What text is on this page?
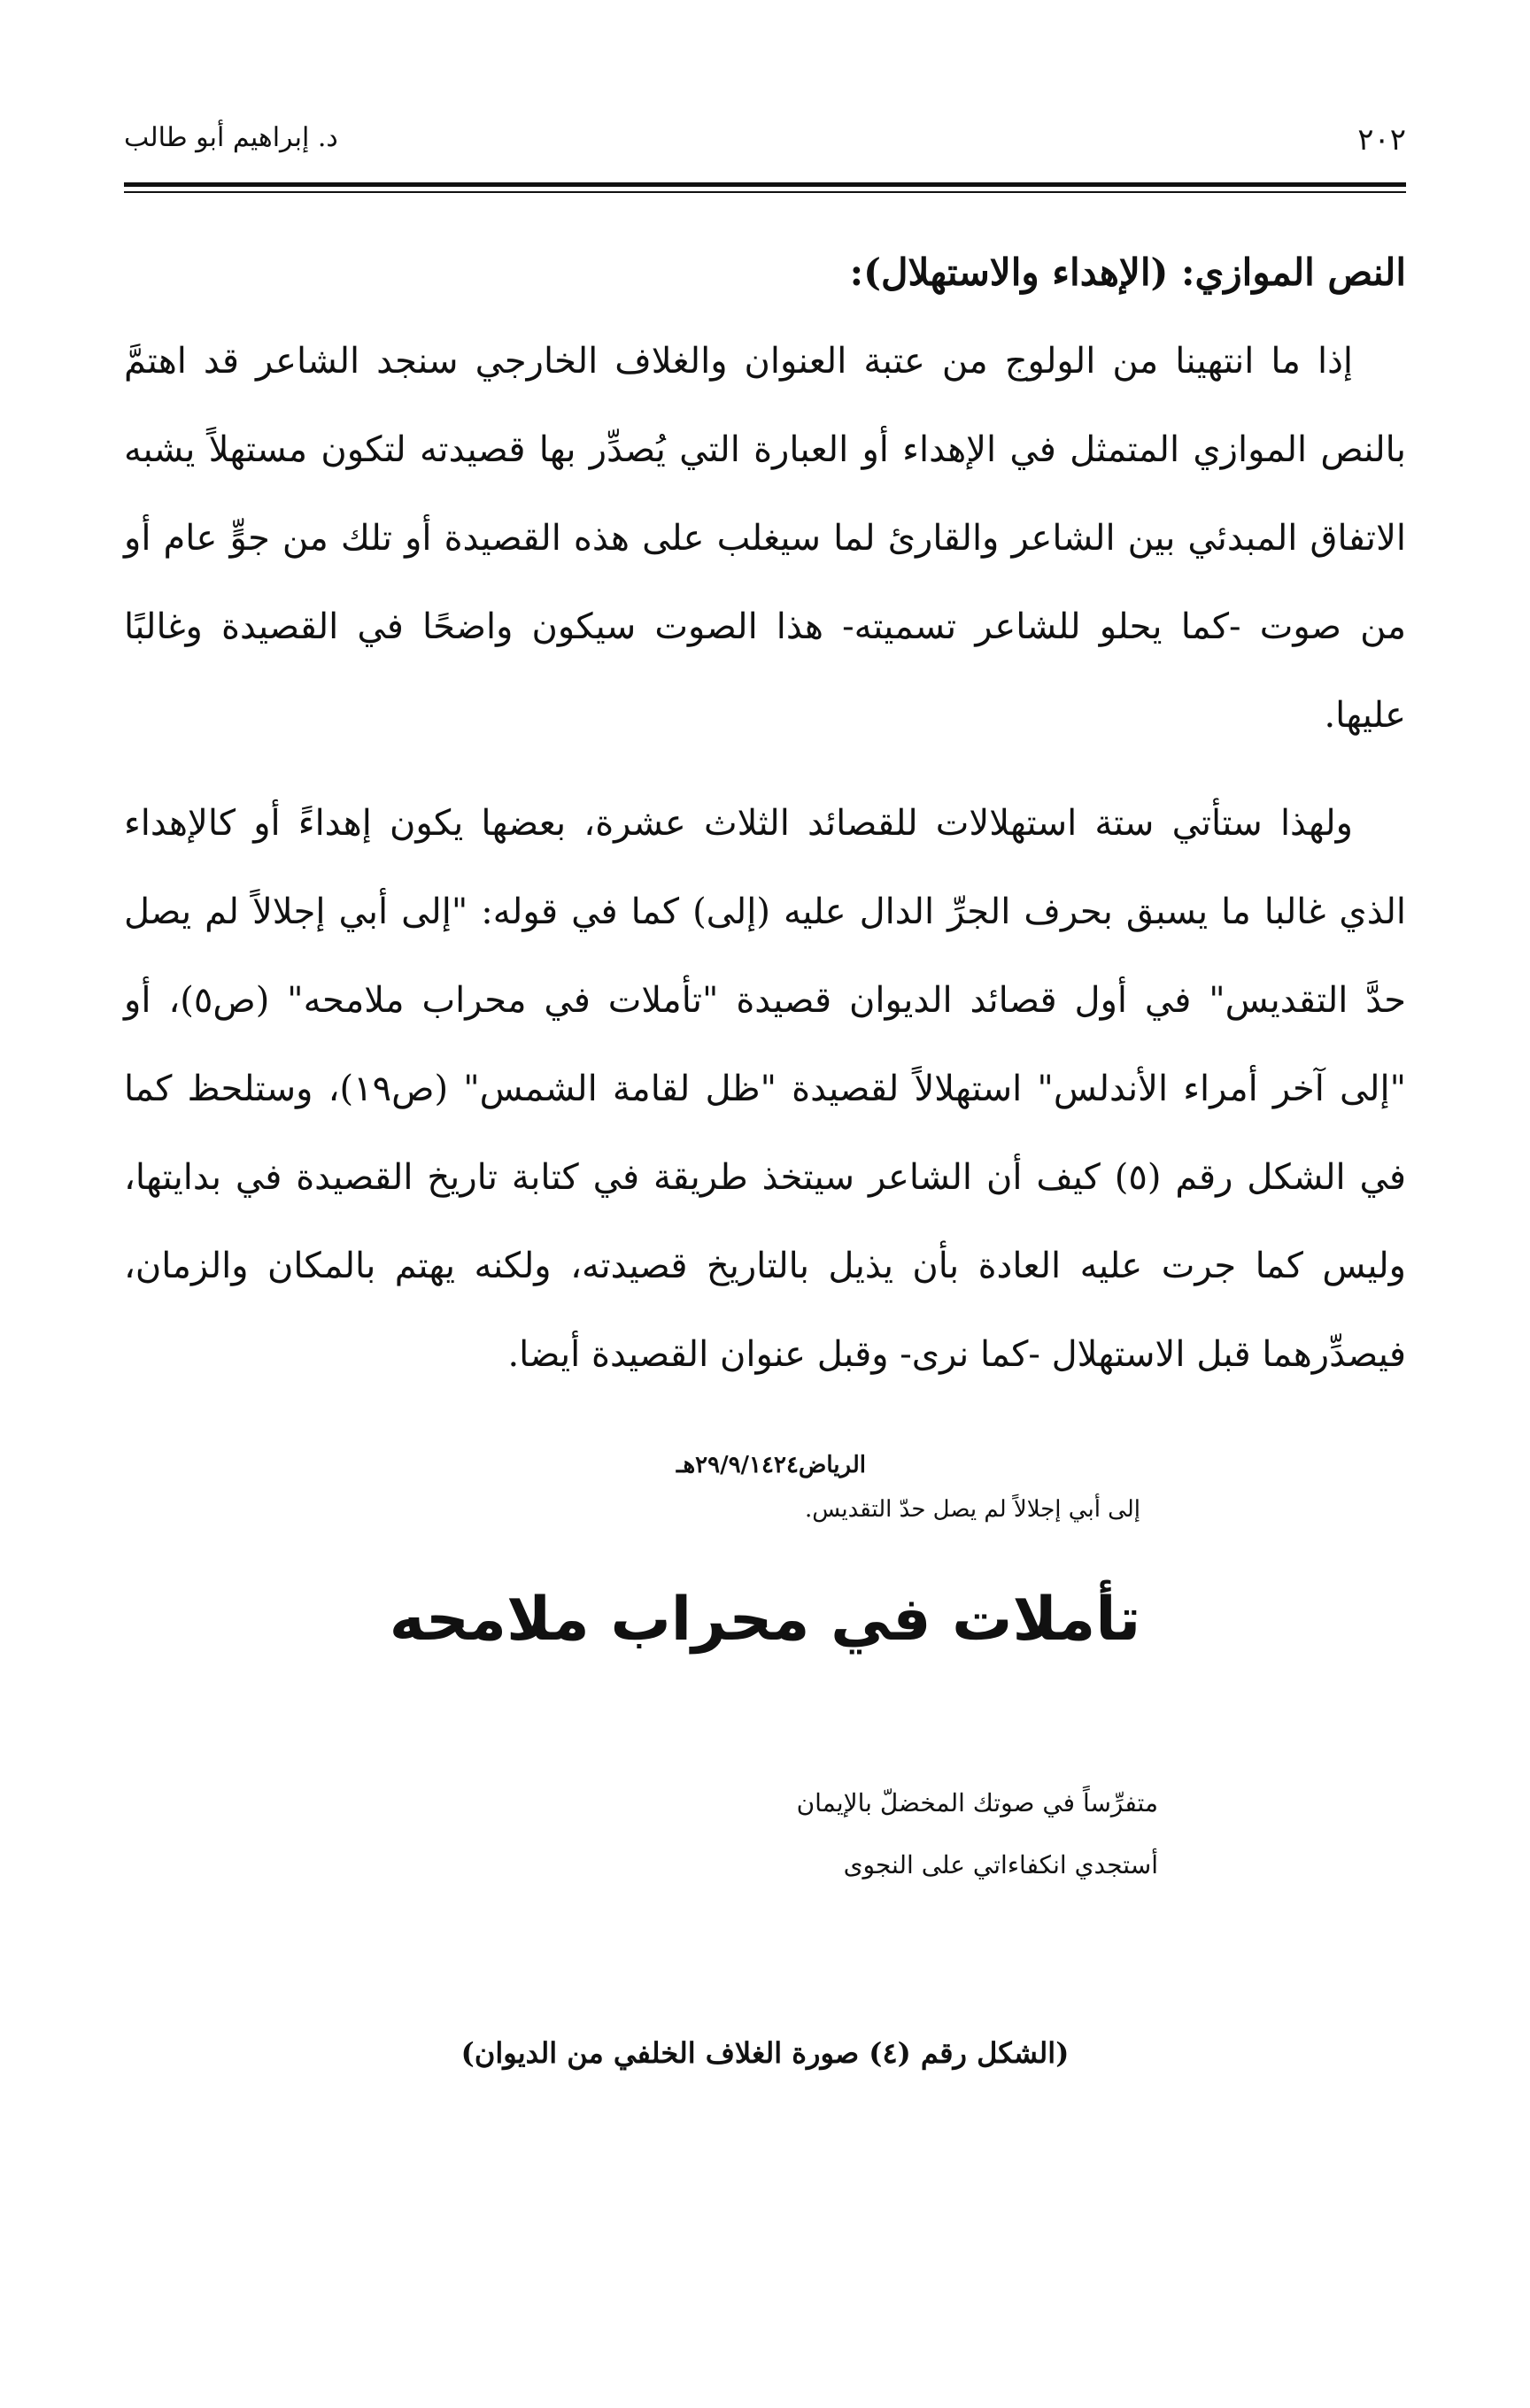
٢٠٢
د. إبراهيم أبو طالب
النص الموازي: (الإهداء والاستهلال):

إذا ما انتهينا من الولوج من عتبة العنوان والغلاف الخارجي سنجد الشاعر قد اهتمَّ بالنص الموازي المتمثل في الإهداء أو العبارة التي يُصدِّر بها قصيدته لتكون مستهلاً يشبه الاتفاق المبدئي بين الشاعر والقارئ لما سيغلب على هذه القصيدة أو تلك من جوٍّ عام أو من صوت -كما يحلو للشاعر تسميته- هذا الصوت سيكون واضحًا في القصيدة وغالبًا عليها.

ولهذا ستأتي ستة استهلالات للقصائد الثلاث عشرة، بعضها يكون إهداءً أو كالإهداء الذي غالبا ما يسبق بحرف الجرِّ الدال عليه (إلى) كما في قوله: "إلى أبي إجلالاً لم يصل حدَّ التقديس" في أول قصائد الديوان قصيدة "تأملات في محراب ملامحه" (ص٥)، أو "إلى آخر أمراء الأندلس" استهلالاً لقصيدة "ظل لقامة الشمس" (ص١٩)، وستلحظ كما في الشكل رقم (٥) كيف أن الشاعر سيتخذ طريقة في كتابة تاريخ القصيدة في بدايتها، وليس كما جرت عليه العادة بأن يذيل بالتاريخ قصيدته، ولكنه يهتم بالمكان والزمان، فيصدِّرهما قبل الاستهلال -كما نرى- وقبل عنوان القصيدة أيضا.

الرياض٢٩/٩/١٤٢٤هـ
إلى أبي إجلالاً لم يصل حدّ التقديس.
تأملات في محراب ملامحه
متفرِّساً في صوتك المخضلّ بالإيمان
أستجدي انكفاءاتي على النجوى
(الشكل رقم (٤) صورة الغلاف الخلفي من الديوان)
